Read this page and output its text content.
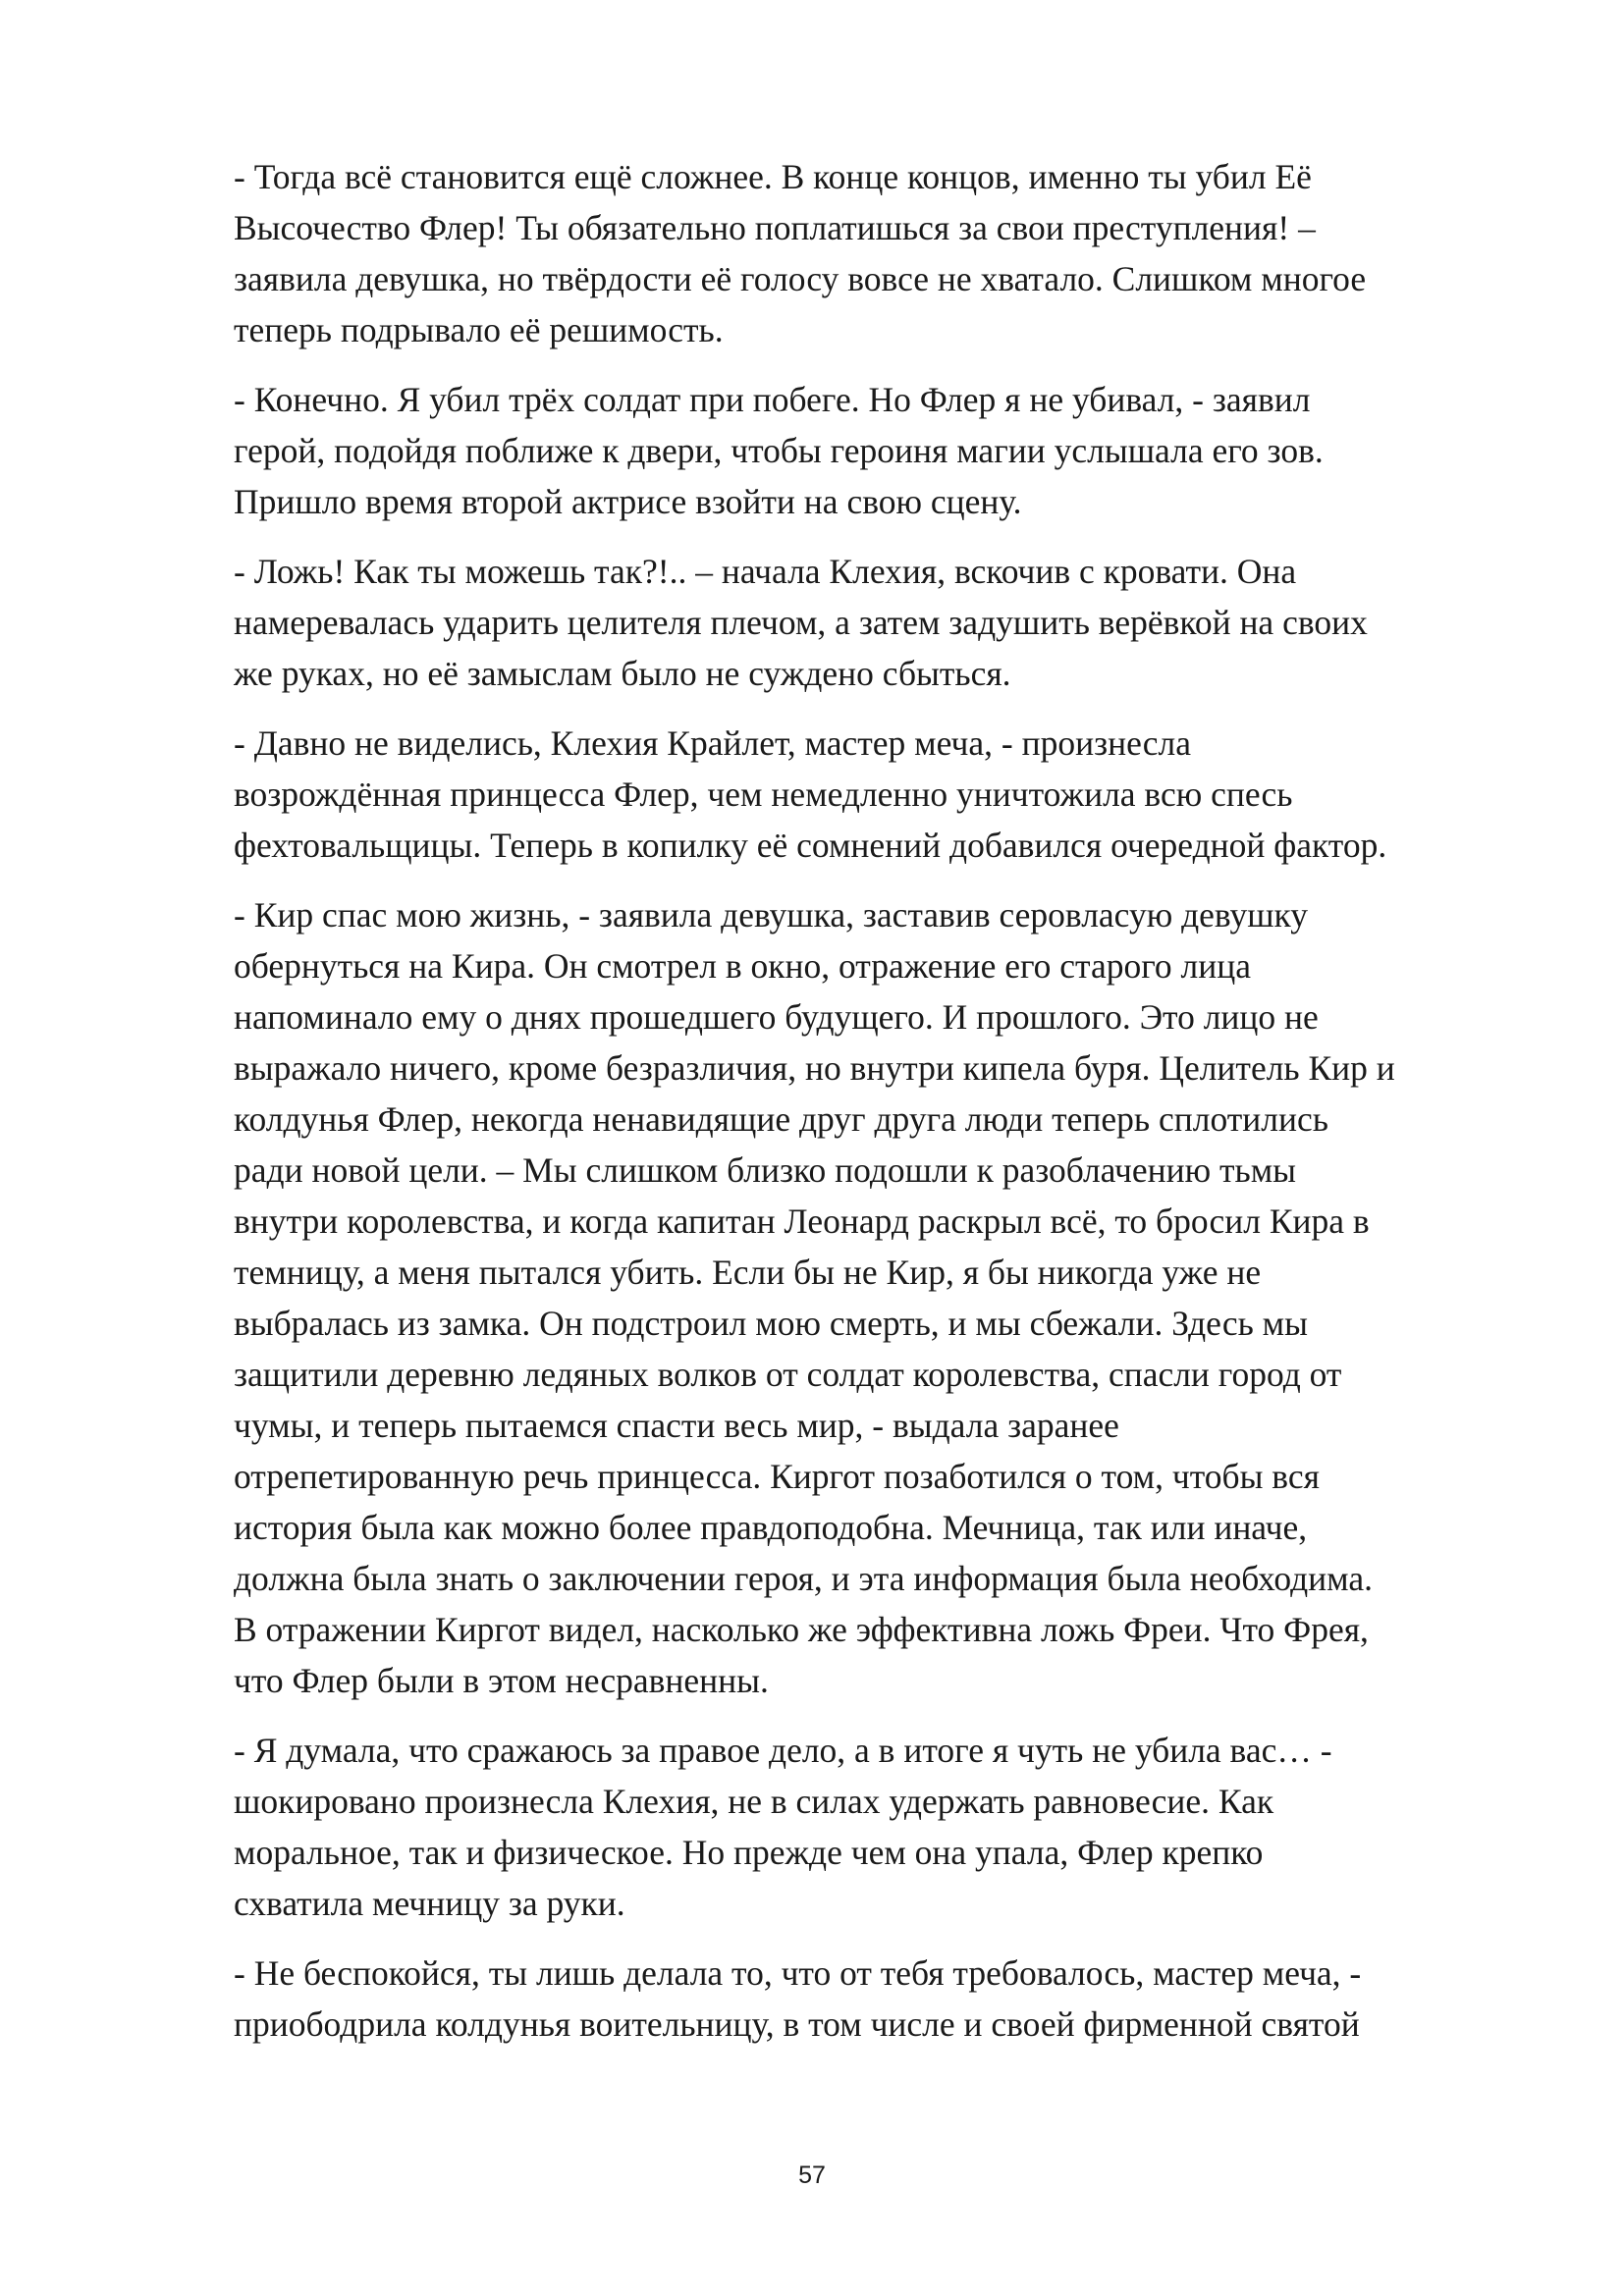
- Тогда всё становится ещё сложнее. В конце концов, именно ты убил Её
Высочество Флер! Ты обязательно поплатишься за свои преступления! –
заявила девушка, но твёрдости её голосу вовсе не хватало. Слишком многое
теперь подрывало её решимость.
- Конечно. Я убил трёх солдат при побеге. Но Флер я не убивал, - заявил
герой, подойдя поближе к двери, чтобы героиня магии услышала его зов.
Пришло время второй актрисе взойти на свою сцену.
- Ложь! Как ты можешь так?!.. – начала Клехия, вскочив с кровати. Она
намеревалась ударить целителя плечом, а затем задушить верёвкой на своих
же руках, но её замыслам было не суждено сбыться.
- Давно не виделись, Клехия Крайлет, мастер меча, - произнесла
возрождённая принцесса Флер, чем немедленно уничтожила всю спесь
фехтовальщицы. Теперь в копилку её сомнений добавился очередной фактор.
- Кир спас мою жизнь, - заявила девушка, заставив серовласую девушку
обернуться на Кира. Он смотрел в окно, отражение его старого лица
напоминало ему о днях прошедшего будущего. И прошлого. Это лицо не
выражало ничего, кроме безразличия, но внутри кипела буря. Целитель Кир и
колдунья Флер, некогда ненавидящие друг друга люди теперь сплотились
ради новой цели. – Мы слишком близко подошли к разоблачению тьмы
внутри королевства, и когда капитан Леонард раскрыл всё, то бросил Кира в
темницу, а меня пытался убить. Если бы не Кир, я бы никогда уже не
выбралась из замка. Он подстроил мою смерть, и мы сбежали. Здесь мы
защитили деревню ледяных волков от солдат королевства, спасли город от
чумы, и теперь пытаемся спасти весь мир, - выдала заранее
отрепетированную речь принцесса. Киргот позаботился о том, чтобы вся
история была как можно более правдоподобна. Мечница, так или иначе,
должна была знать о заключении героя, и эта информация была необходима.
В отражении Киргот видел, насколько же эффективна ложь Фреи. Что Фрея,
что Флер были в этом несравненны.
- Я думала, что сражаюсь за правое дело, а в итоге я чуть не убила вас… -
шокировано произнесла Клехия, не в силах удержать равновесие. Как
моральное, так и физическое. Но прежде чем она упала, Флер крепко
схватила мечницу за руки.
- Не беспокойся, ты лишь делала то, что от тебя требовалось, мастер меча, -
приободрила колдунья воительницу, в том числе и своей фирменной святой
57
